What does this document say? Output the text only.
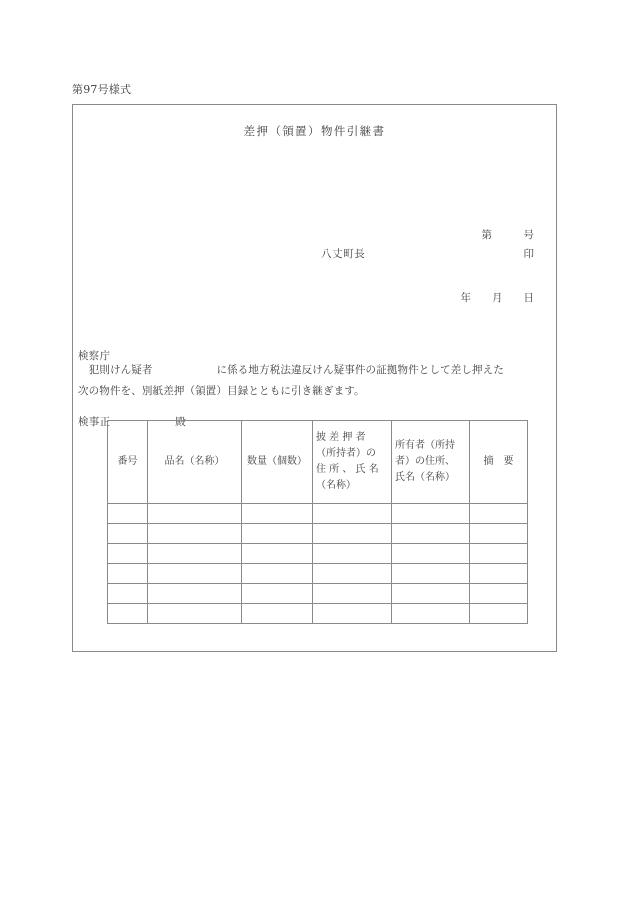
第97号様式
差押（領置）物件引継書

第　　　号

年　　月　　日

八丈町長	印

検察庁

検事正　　　　　　殿

　犯則けん疑者　　　　　　に係る地方税法違反けん疑事件の証拠物件として差し押えた
次の物件を、別紙差押（領置）目録とともに引き継ぎます。
番号	品名（名称）	数量（個数）	披 差 押 者
（所持者）の
住 所 、 氏 名
（名称）	所有者（所持
者）の住所、
氏名（名称）	摘　要
